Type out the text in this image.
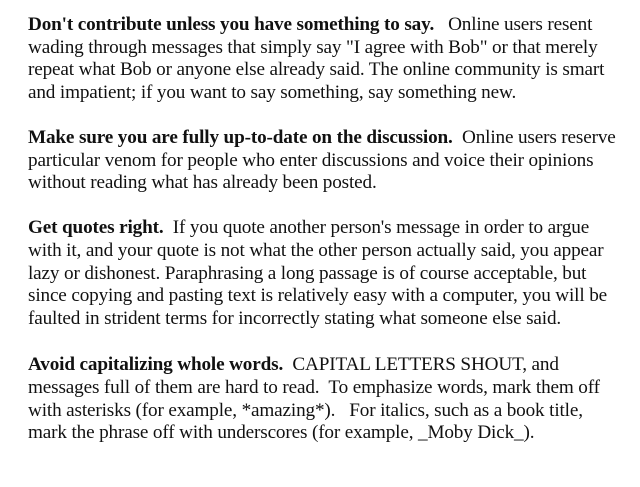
Don't contribute unless you have something to say.   Online users resent
wading through messages that simply say "I agree with Bob" or that merely
repeat what Bob or anyone else already said. The online community is smart
and impatient; if you want to say something, say something new.

Make sure you are fully up-to-date on the discussion.  Online users reserve
particular venom for people who enter discussions and voice their opinions
without reading what has already been posted.

Get quotes right.  If you quote another person's message in order to argue
with it, and your quote is not what the other person actually said, you appear
lazy or dishonest. Paraphrasing a long passage is of course acceptable, but
since copying and pasting text is relatively easy with a computer, you will be
faulted in strident terms for incorrectly stating what someone else said.

Avoid capitalizing whole words.  CAPITAL LETTERS SHOUT, and
messages full of them are hard to read.  To emphasize words, mark them off
with asterisks (for example, *amazing*).   For italics, such as a book title,
mark the phrase off with underscores (for example, _Moby Dick_).
